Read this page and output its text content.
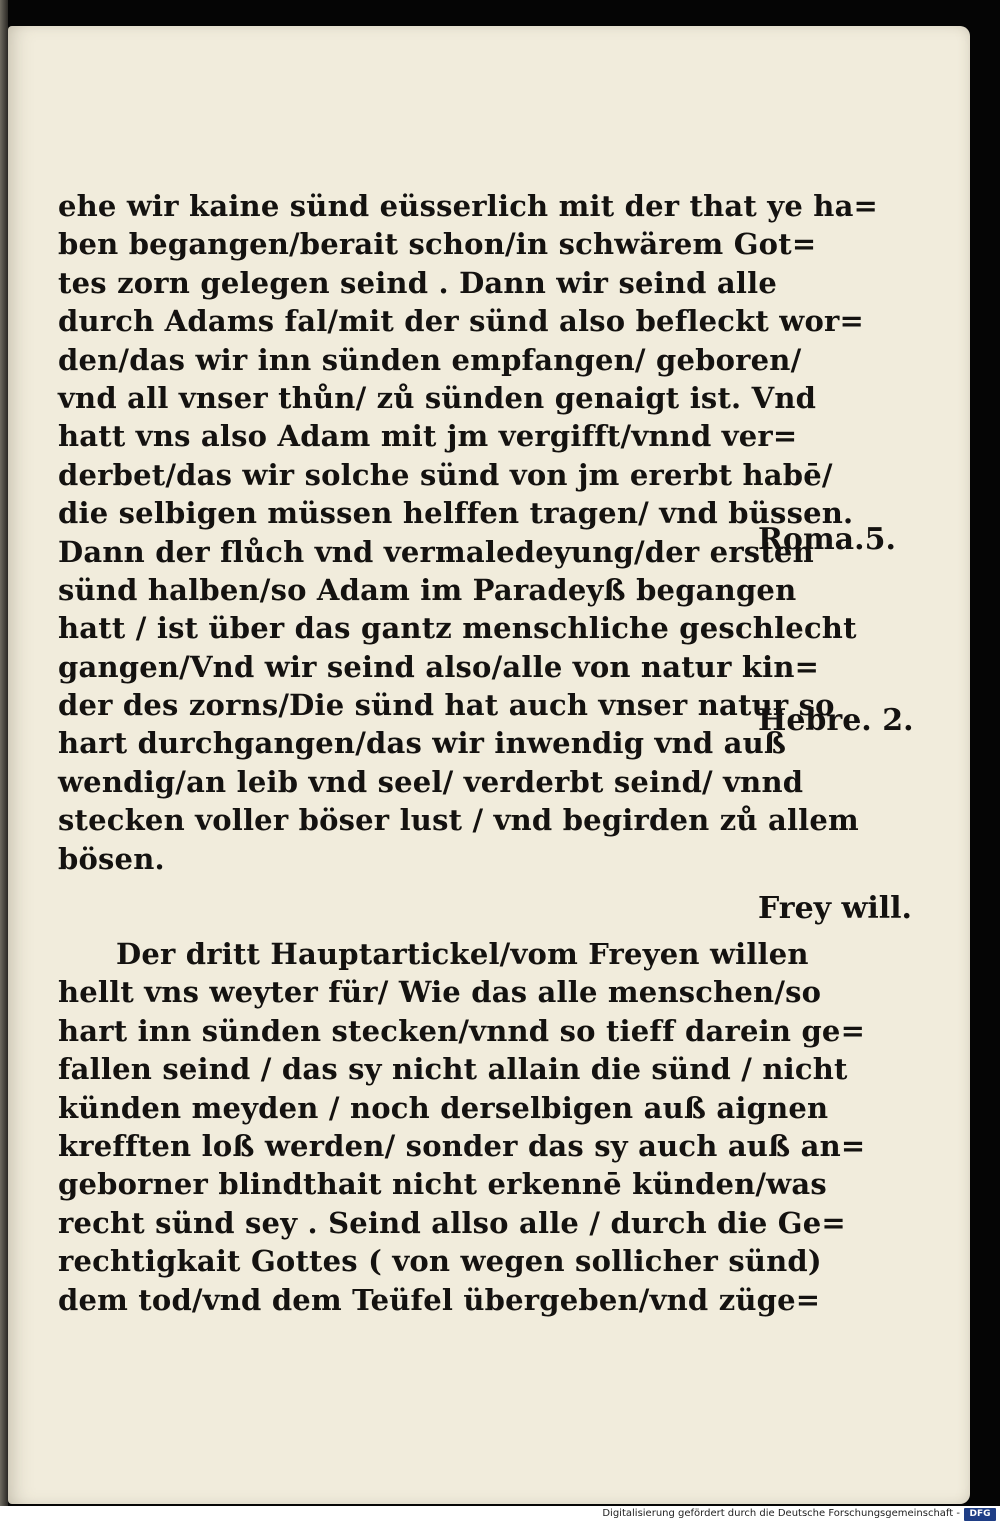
ehe wir kaine sünd eüsserlich mit der that ye ha=
ben begangen/berait schon/in schwärem Got=
tes zorn gelegen seind . Dann wir seind alle
durch Adams fal/mit der sünd also befleckt wor=
den/das wir inn sünden empfangen/ geboren/
vnd all vnser thůn/ zů sünden genaigt ist. Vnd
hatt vns also Adam mit jm vergifft/vnnd ver=
derbet/das wir solche sünd von jm ererbt habē/
die selbigen müssen helffen tragen/ vnd büssen.
Dann der flůch vnd vermaledeyung/der ersten
sünd halben/so Adam im Paradeyß begangen
hatt / ist über das gantz menschliche geschlecht
gangen/Vnd wir seind also/alle von natur kin=
der des zorns/Die sünd hat auch vnser natur so
hart durchgangen/das wir inwendig vnd auß
wendig/an leib vnd seel/ verderbt seind/ vnnd
stecken voller böser lust / vnd begirden zů allem
bösen.
Der dritt Hauptartickel/vom Freyen willen
hellt vns weyter für/ Wie das alle menschen/so
hart inn sünden stecken/vnnd so tieff darein ge=
fallen seind / das sy nicht allain die sünd / nicht
künden meyden / noch derselbigen auß aignen
krefften loß werden/ sonder das sy auch auß an=
geborner blindthait nicht erkennē künden/was
recht sünd sey . Seind allso alle / durch die Ge=
rechtigkait Gottes ( von wegen sollicher sünd)
dem tod/vnd dem Teüfel übergeben/vnd züge=
Roma.5.
Hebre. 2.
Frey will.
Digitalisierung gefördert durch die Deutsche Forschungsgemeinschaft -	DFG
